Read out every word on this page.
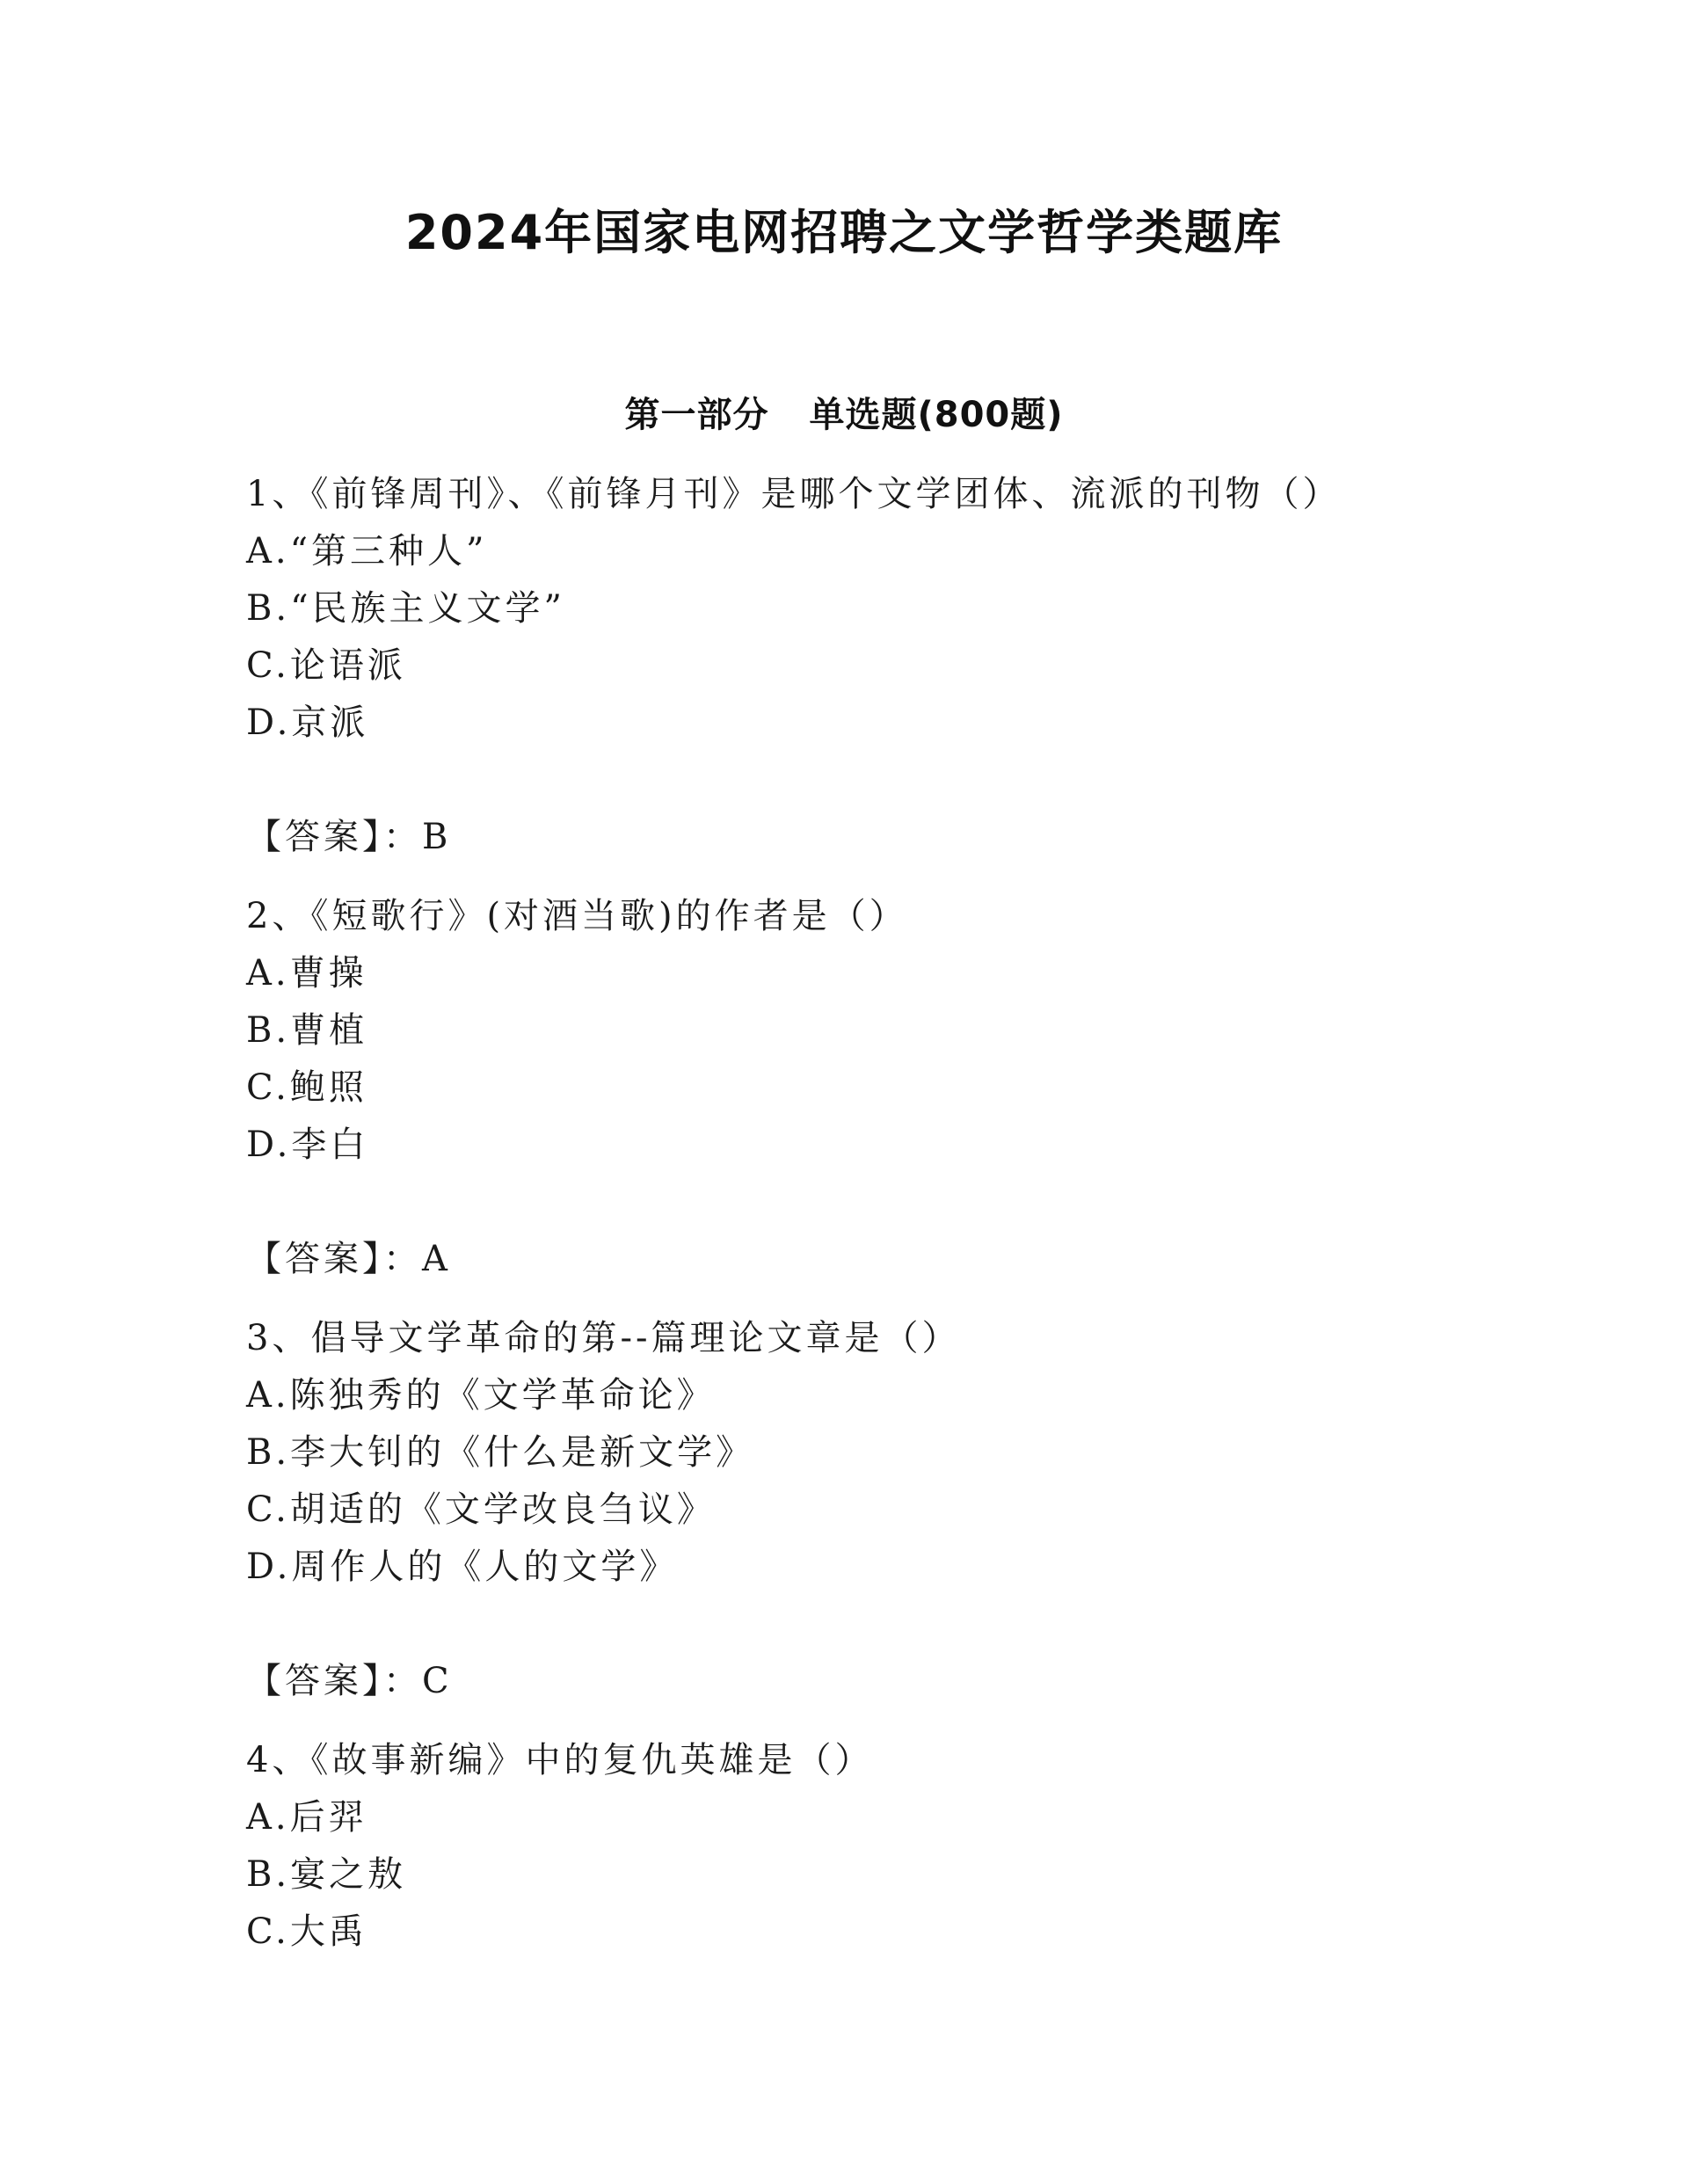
2024年国家电网招聘之文学哲学类题库
第一部分 单选题(800题)
1、《前锋周刊》、《前锋月刊》是哪个文学团体、流派的刊物（）
A.“第三种人”
B.“民族主义文学”
C.论语派
D.京派
【答案】：B
2、《短歌行》(对酒当歌)的作者是（）
A.曹操
B.曹植
C.鲍照
D.李白
【答案】：A
3、倡导文学革命的第--篇理论文章是（）
A.陈独秀的《文学革命论》
B.李大钊的《什么是新文学》
C.胡适的《文学改良刍议》
D.周作人的《人的文学》
【答案】：C
4、《故事新编》中的复仇英雄是（）
A.后羿
B.宴之敖
C.大禹
